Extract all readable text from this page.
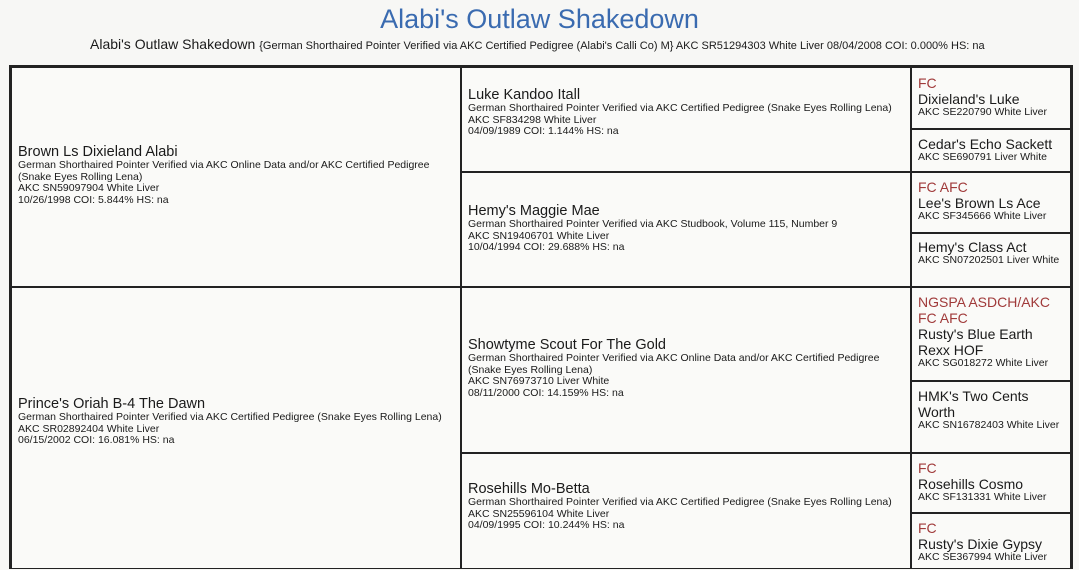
Alabi's Outlaw Shakedown
Alabi's Outlaw Shakedown {German Shorthaired Pointer Verified via AKC Certified Pedigree (Alabi's Calli Co) M} AKC SR51294303 White Liver 08/04/2008 COI: 0.000% HS: na
Brown Ls Dixieland Alabi
German Shorthaired Pointer Verified via AKC Online Data and/or AKC Certified Pedigree (Snake Eyes Rolling Lena)
AKC SN59097904 White Liver
10/26/1998 COI: 5.844% HS: na
Prince's Oriah B-4 The Dawn
German Shorthaired Pointer Verified via AKC Certified Pedigree (Snake Eyes Rolling Lena)
AKC SR02892404 White Liver
06/15/2002 COI: 16.081% HS: na
Luke Kandoo Itall
German Shorthaired Pointer Verified via AKC Certified Pedigree (Snake Eyes Rolling Lena)
AKC SF834298 White Liver
04/09/1989 COI: 1.144% HS: na
Hemy's Maggie Mae
German Shorthaired Pointer Verified via AKC Studbook, Volume 115, Number 9
AKC SN19406701 White Liver
10/04/1994 COI: 29.688% HS: na
Showtyme Scout For The Gold
German Shorthaired Pointer Verified via AKC Online Data and/or AKC Certified Pedigree (Snake Eyes Rolling Lena)
AKC SN76973710 Liver White
08/11/2000 COI: 14.159% HS: na
Rosehills Mo-Betta
German Shorthaired Pointer Verified via AKC Certified Pedigree (Snake Eyes Rolling Lena)
AKC SN25596104 White Liver
04/09/1995 COI: 10.244% HS: na
FC
Dixieland's Luke
AKC SE220790 White Liver
Cedar's Echo Sackett
AKC SE690791 Liver White
FC AFC
Lee's Brown Ls Ace
AKC SF345666 White Liver
Hemy's Class Act
AKC SN07202501 Liver White
NGSPA ASDCH/AKC FC AFC
Rusty's Blue Earth Rexx HOF
AKC SG018272 White Liver
HMK's Two Cents Worth
AKC SN16782403 White Liver
FC
Rosehills Cosmo
AKC SF131331 White Liver
FC
Rusty's Dixie Gypsy
AKC SE367994 White Liver
